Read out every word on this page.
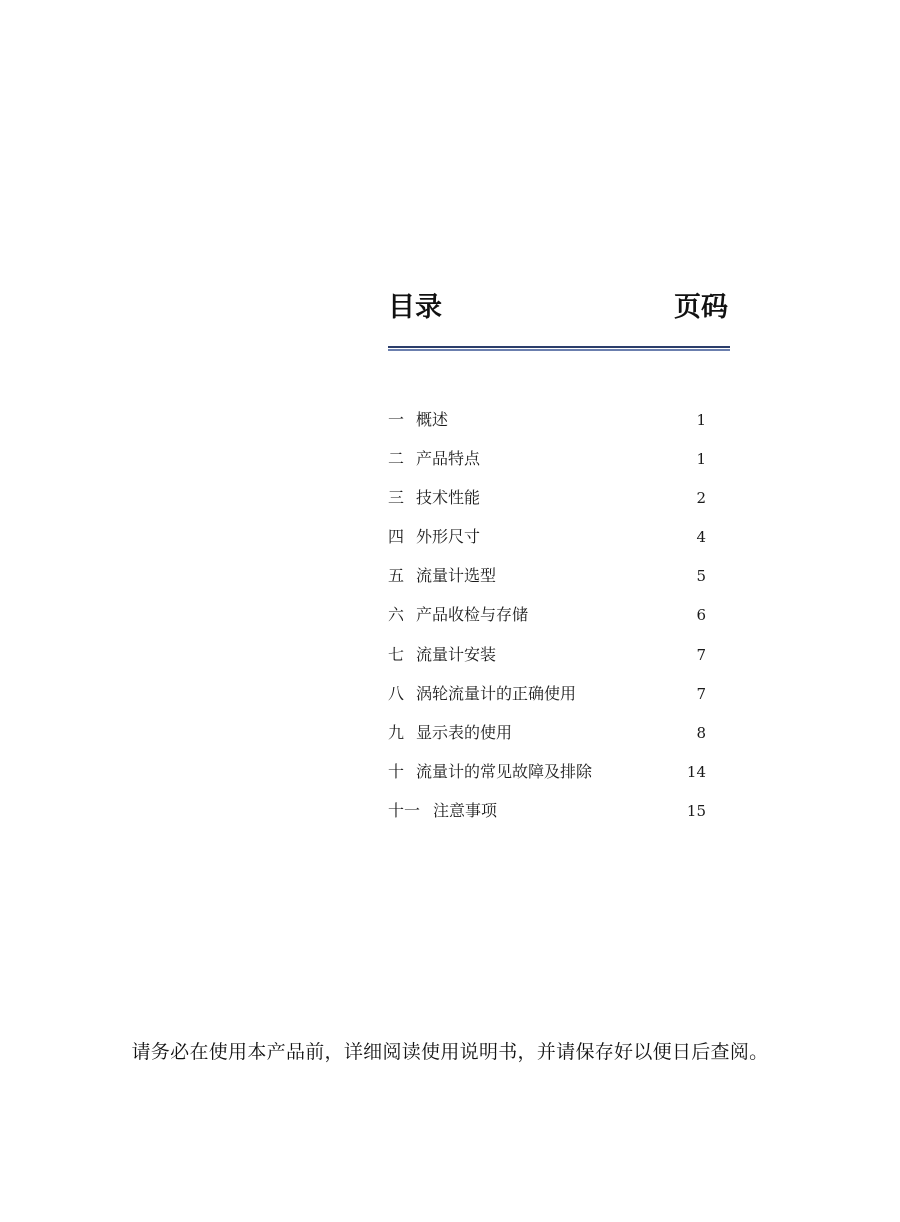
目录	页码
一 概述	1
二 产品特点	1
三 技术性能	2
四 外形尺寸	4
五 流量计选型	5
六 产品收检与存储	6
七 流量计安装	7
八 涡轮流量计的正确使用	7
九 显示表的使用	8
十 流量计的常见故障及排除	14
十一 注意事项	15
请务必在使用本产品前，详细阅读使用说明书，并请保存好以便日后查阅。
